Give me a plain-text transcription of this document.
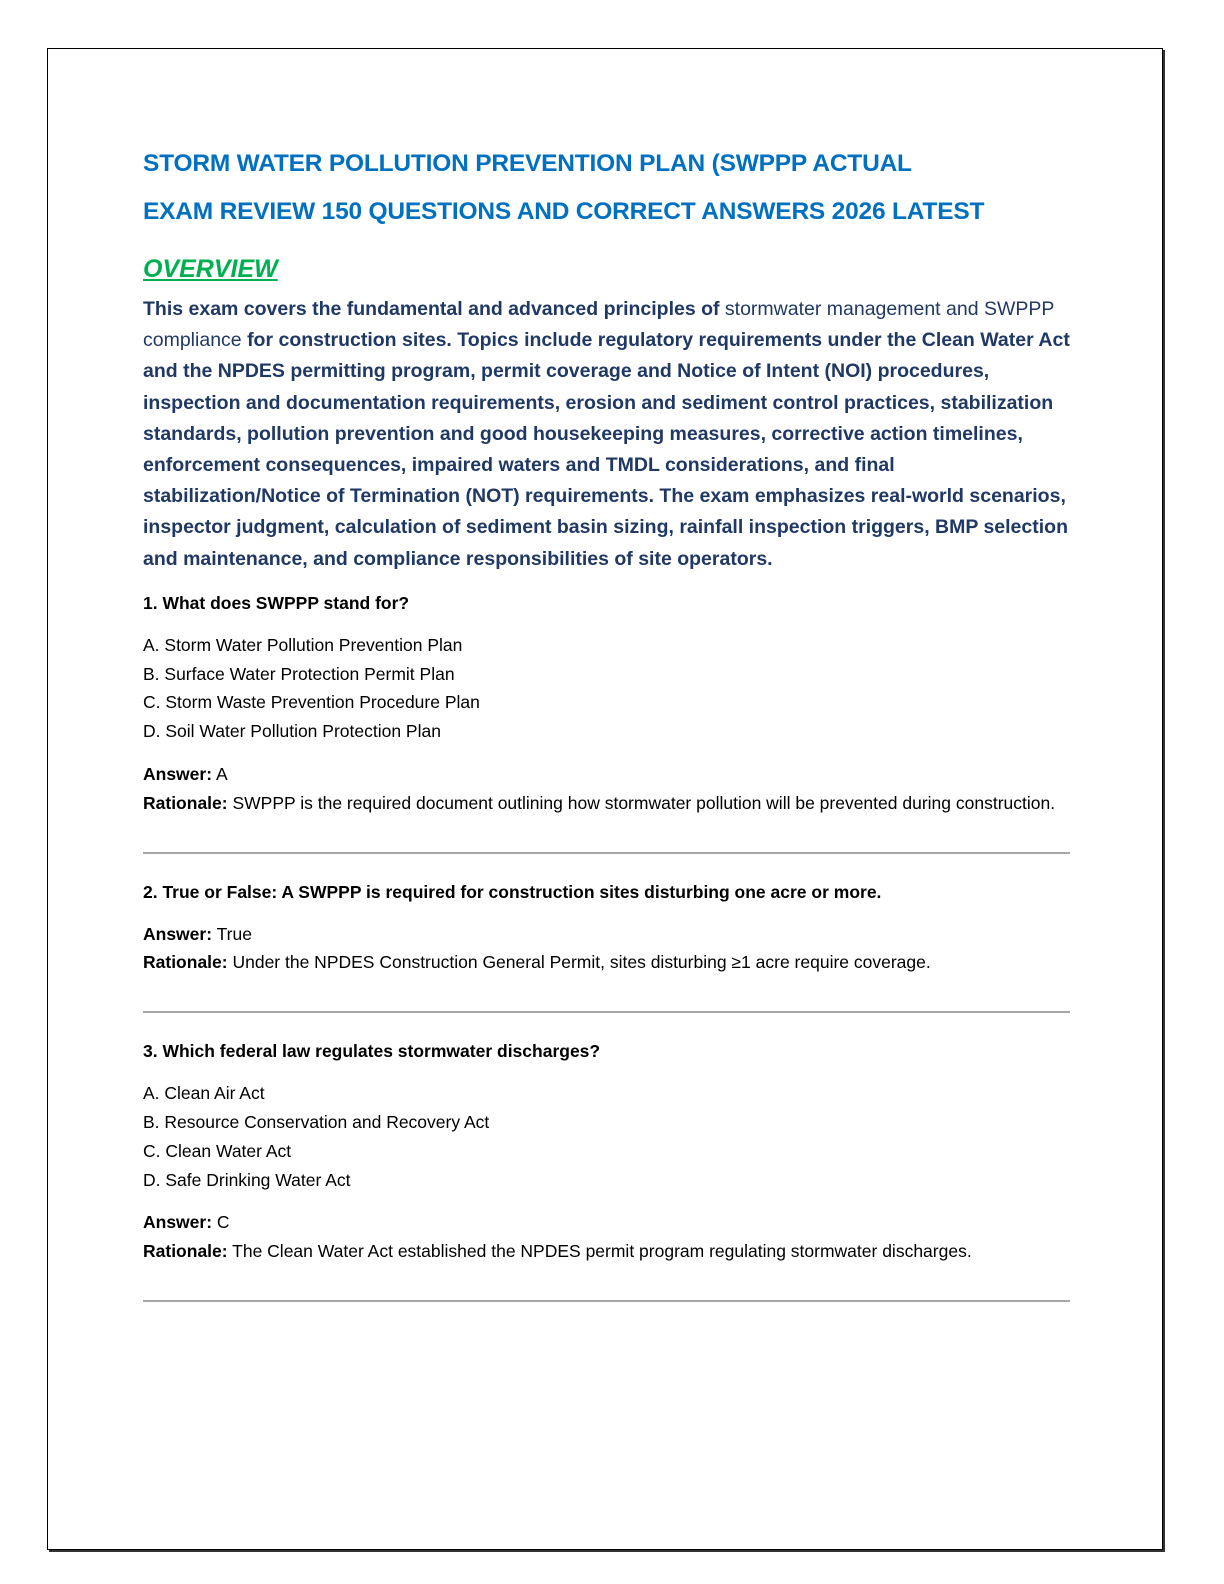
STORM WATER POLLUTION PREVENTION PLAN (SWPPP ACTUAL
EXAM REVIEW 150 QUESTIONS AND CORRECT ANSWERS 2026 LATEST
OVERVIEW

This exam covers the fundamental and advanced principles of stormwater management and SWPPP compliance for construction sites. Topics include regulatory requirements under the Clean Water Act and the NPDES permitting program, permit coverage and Notice of Intent (NOI) procedures, inspection and documentation requirements, erosion and sediment control practices, stabilization standards, pollution prevention and good housekeeping measures, corrective action timelines, enforcement consequences, impaired waters and TMDL considerations, and final stabilization/Notice of Termination (NOT) requirements. The exam emphasizes real-world scenarios, inspector judgment, calculation of sediment basin sizing, rainfall inspection triggers, BMP selection and maintenance, and compliance responsibilities of site operators.

1. What does SWPPP stand for?

A. Storm Water Pollution Prevention Plan
B. Surface Water Protection Permit Plan
C. Storm Waste Prevention Procedure Plan
D. Soil Water Pollution Protection Plan

Answer: A

Rationale: SWPPP is the required document outlining how stormwater pollution will be prevented during construction.

2. True or False: A SWPPP is required for construction sites disturbing one acre or more.

Answer: True

Rationale: Under the NPDES Construction General Permit, sites disturbing ≥1 acre require coverage.

3. Which federal law regulates stormwater discharges?

A. Clean Air Act
B. Resource Conservation and Recovery Act
C. Clean Water Act
D. Safe Drinking Water Act

Answer: C

Rationale: The Clean Water Act established the NPDES permit program regulating stormwater discharges.
